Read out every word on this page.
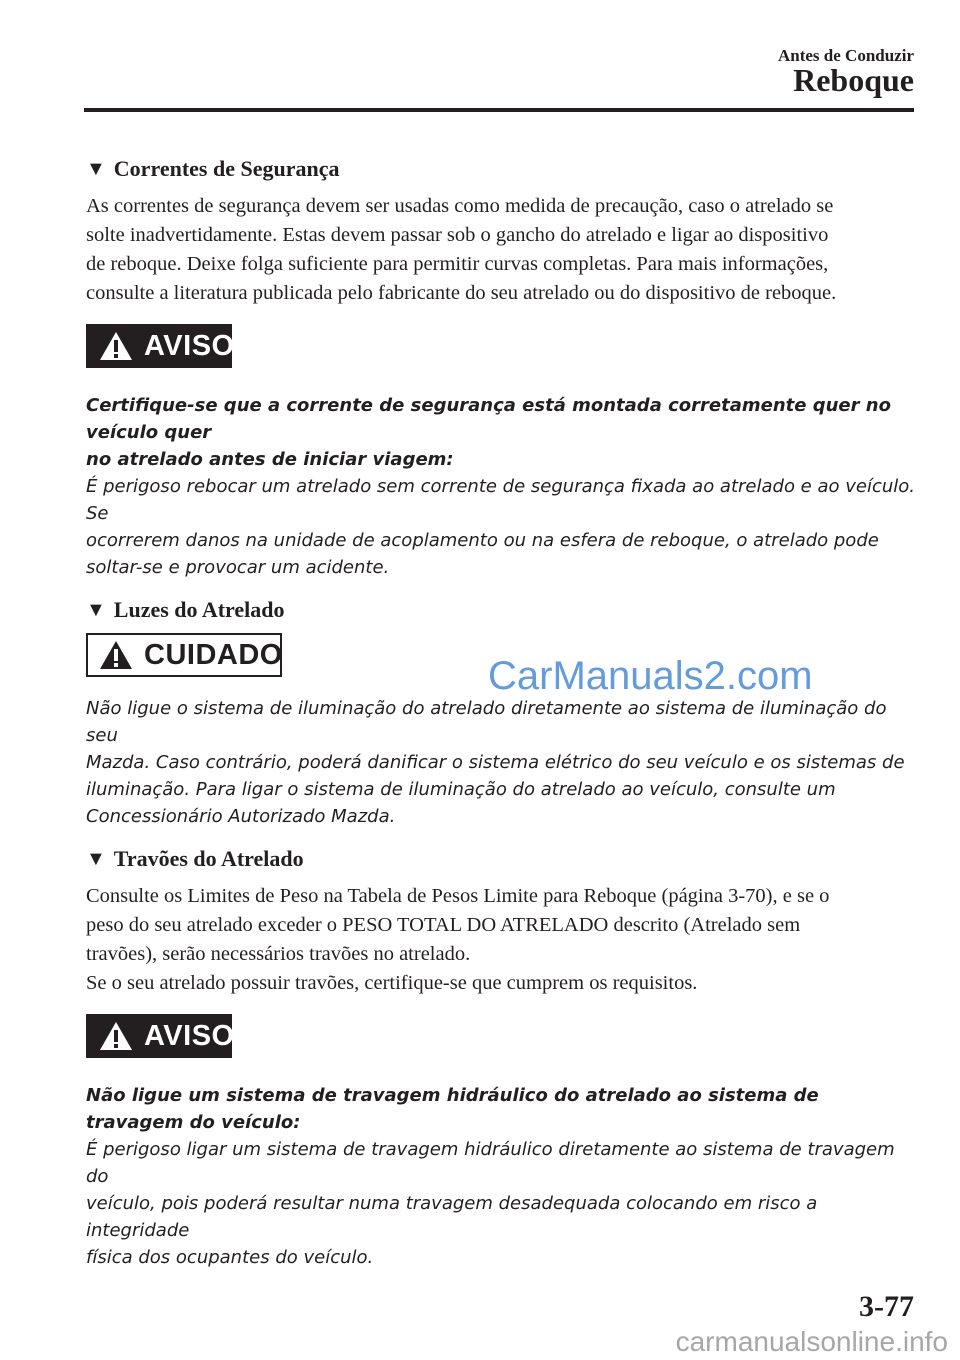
Antes de Conduzir
Reboque
▼ Correntes de Segurança

As correntes de segurança devem ser usadas como medida de precaução, caso o atrelado se
solte inadvertidamente. Estas devem passar sob o gancho do atrelado e ligar ao dispositivo
de reboque. Deixe folga suficiente para permitir curvas completas. Para mais informações,
consulte a literatura publicada pelo fabricante do seu atrelado ou do dispositivo de reboque.

AVISO

Certifique-se que a corrente de segurança está montada corretamente quer no veículo quer
no atrelado antes de iniciar viagem:
É perigoso rebocar um atrelado sem corrente de segurança fixada ao atrelado e ao veículo. Se
ocorrerem danos na unidade de acoplamento ou na esfera de reboque, o atrelado pode
soltar-se e provocar um acidente.

▼ Luzes do Atrelado
CUIDADO

Não ligue o sistema de iluminação do atrelado diretamente ao sistema de iluminação do seu
Mazda. Caso contrário, poderá danificar o sistema elétrico do seu veículo e os sistemas de
iluminação. Para ligar o sistema de iluminação do atrelado ao veículo, consulte um
Concessionário Autorizado Mazda.

▼ Travões do Atrelado

Consulte os Limites de Peso na Tabela de Pesos Limite para Reboque (página 3-70), e se o
peso do seu atrelado exceder o PESO TOTAL DO ATRELADO descrito (Atrelado sem
travões), serão necessários travões no atrelado.
Se o seu atrelado possuir travões, certifique-se que cumprem os requisitos.

AVISO

Não ligue um sistema de travagem hidráulico do atrelado ao sistema de travagem do veículo:
É perigoso ligar um sistema de travagem hidráulico diretamente ao sistema de travagem do
veículo, pois poderá resultar numa travagem desadequada colocando em risco a integridade
física dos ocupantes do veículo.

CarManuals2.com
3-77
carmanualsonline.info
